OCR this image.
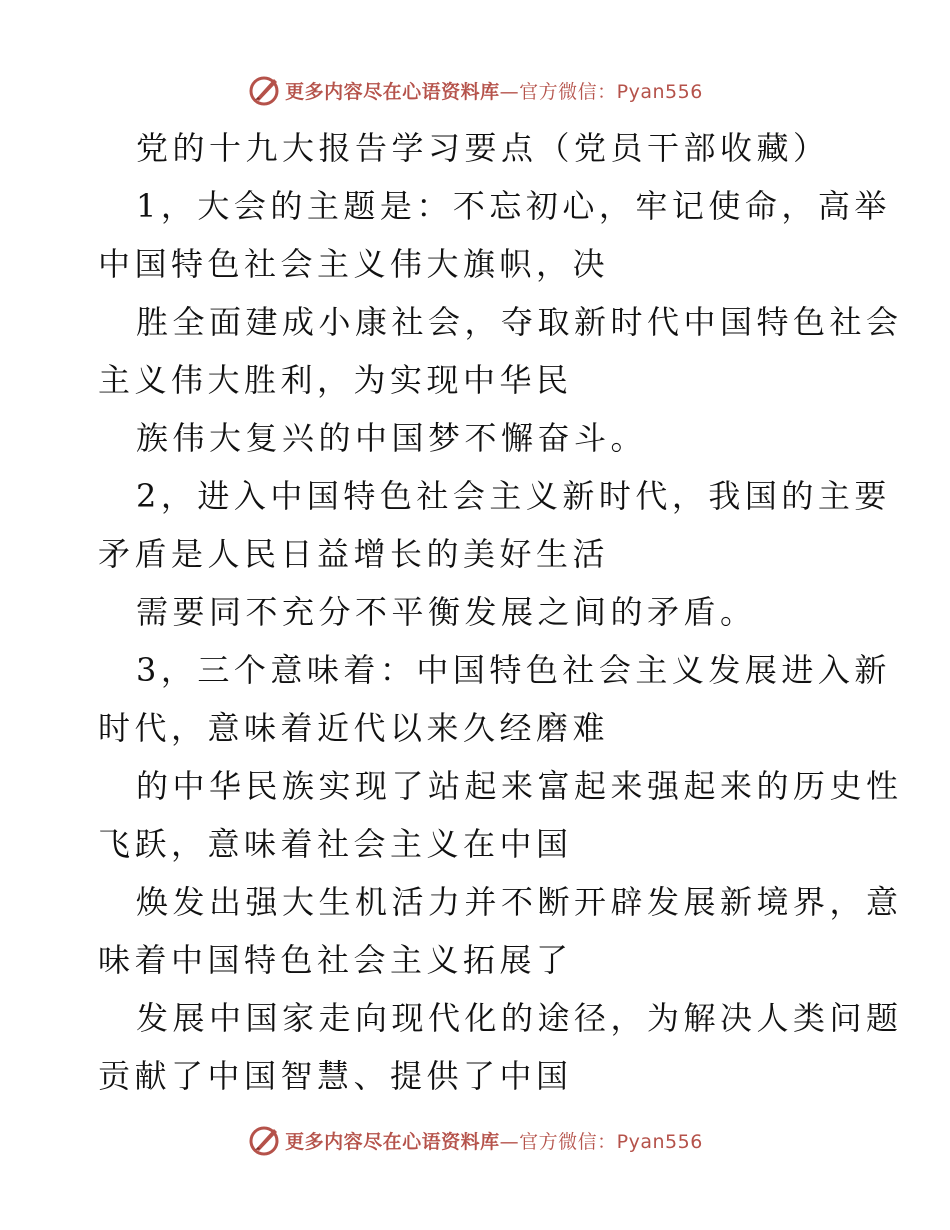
更多内容尽在心语资料库—官方微信：Pyan556
党的十九大报告学习要点（党员干部收藏）
1，大会的主题是：不忘初心，牢记使命，高举
中国特色社会主义伟大旗帜，决
胜全面建成小康社会，夺取新时代中国特色社会
主义伟大胜利，为实现中华民
族伟大复兴的中国梦不懈奋斗。
2，进入中国特色社会主义新时代，我国的主要
矛盾是人民日益增长的美好生活
需要同不充分不平衡发展之间的矛盾。
3，三个意味着：中国特色社会主义发展进入新
时代，意味着近代以来久经磨难
的中华民族实现了站起来富起来强起来的历史性
飞跃，意味着社会主义在中国
焕发出强大生机活力并不断开辟发展新境界，意
味着中国特色社会主义拓展了
发展中国家走向现代化的途径，为解决人类问题
贡献了中国智慧、提供了中国
更多内容尽在心语资料库—官方微信：Pyan556
